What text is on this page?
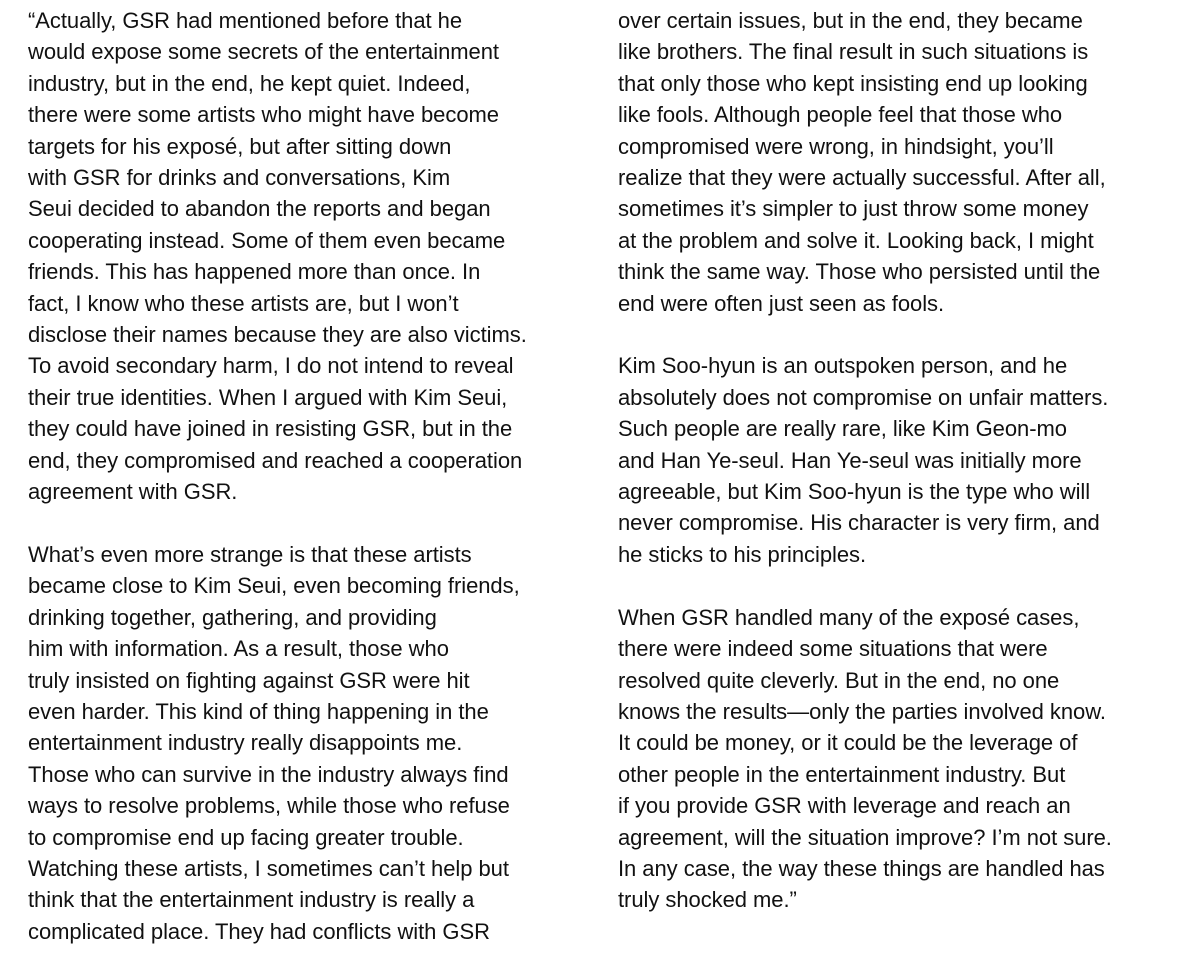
“Actually, GSR had mentioned before that he
would expose some secrets of the entertainment
industry, but in the end, he kept quiet. Indeed,
there were some artists who might have become
targets for his exposé, but after sitting down
with GSR for drinks and conversations, Kim
Seui decided to abandon the reports and began
cooperating instead. Some of them even became
friends. This has happened more than once. In
fact, I know who these artists are, but I won’t
disclose their names because they are also victims.
To avoid secondary harm, I do not intend to reveal
their true identities. When I argued with Kim Seui,
they could have joined in resisting GSR, but in the
end, they compromised and reached a cooperation
agreement with GSR.
What’s even more strange is that these artists
became close to Kim Seui, even becoming friends,
drinking together, gathering, and providing
him with information. As a result, those who
truly insisted on fighting against GSR were hit
even harder. This kind of thing happening in the
entertainment industry really disappoints me.
Those who can survive in the industry always find
ways to resolve problems, while those who refuse
to compromise end up facing greater trouble.
Watching these artists, I sometimes can’t help but
think that the entertainment industry is really a
complicated place. They had conflicts with GSR
over certain issues, but in the end, they became
like brothers. The final result in such situations is
that only those who kept insisting end up looking
like fools. Although people feel that those who
compromised were wrong, in hindsight, you’ll
realize that they were actually successful. After all,
sometimes it’s simpler to just throw some money
at the problem and solve it. Looking back, I might
think the same way. Those who persisted until the
end were often just seen as fools.
Kim Soo-hyun is an outspoken person, and he
absolutely does not compromise on unfair matters.
Such people are really rare, like Kim Geon-mo
and Han Ye-seul. Han Ye-seul was initially more
agreeable, but Kim Soo-hyun is the type who will
never compromise. His character is very firm, and
he sticks to his principles.
When GSR handled many of the exposé cases,
there were indeed some situations that were
resolved quite cleverly. But in the end, no one
knows the results—only the parties involved know.
It could be money, or it could be the leverage of
other people in the entertainment industry. But
if you provide GSR with leverage and reach an
agreement, will the situation improve? I’m not sure.
In any case, the way these things are handled has
truly shocked me.”
